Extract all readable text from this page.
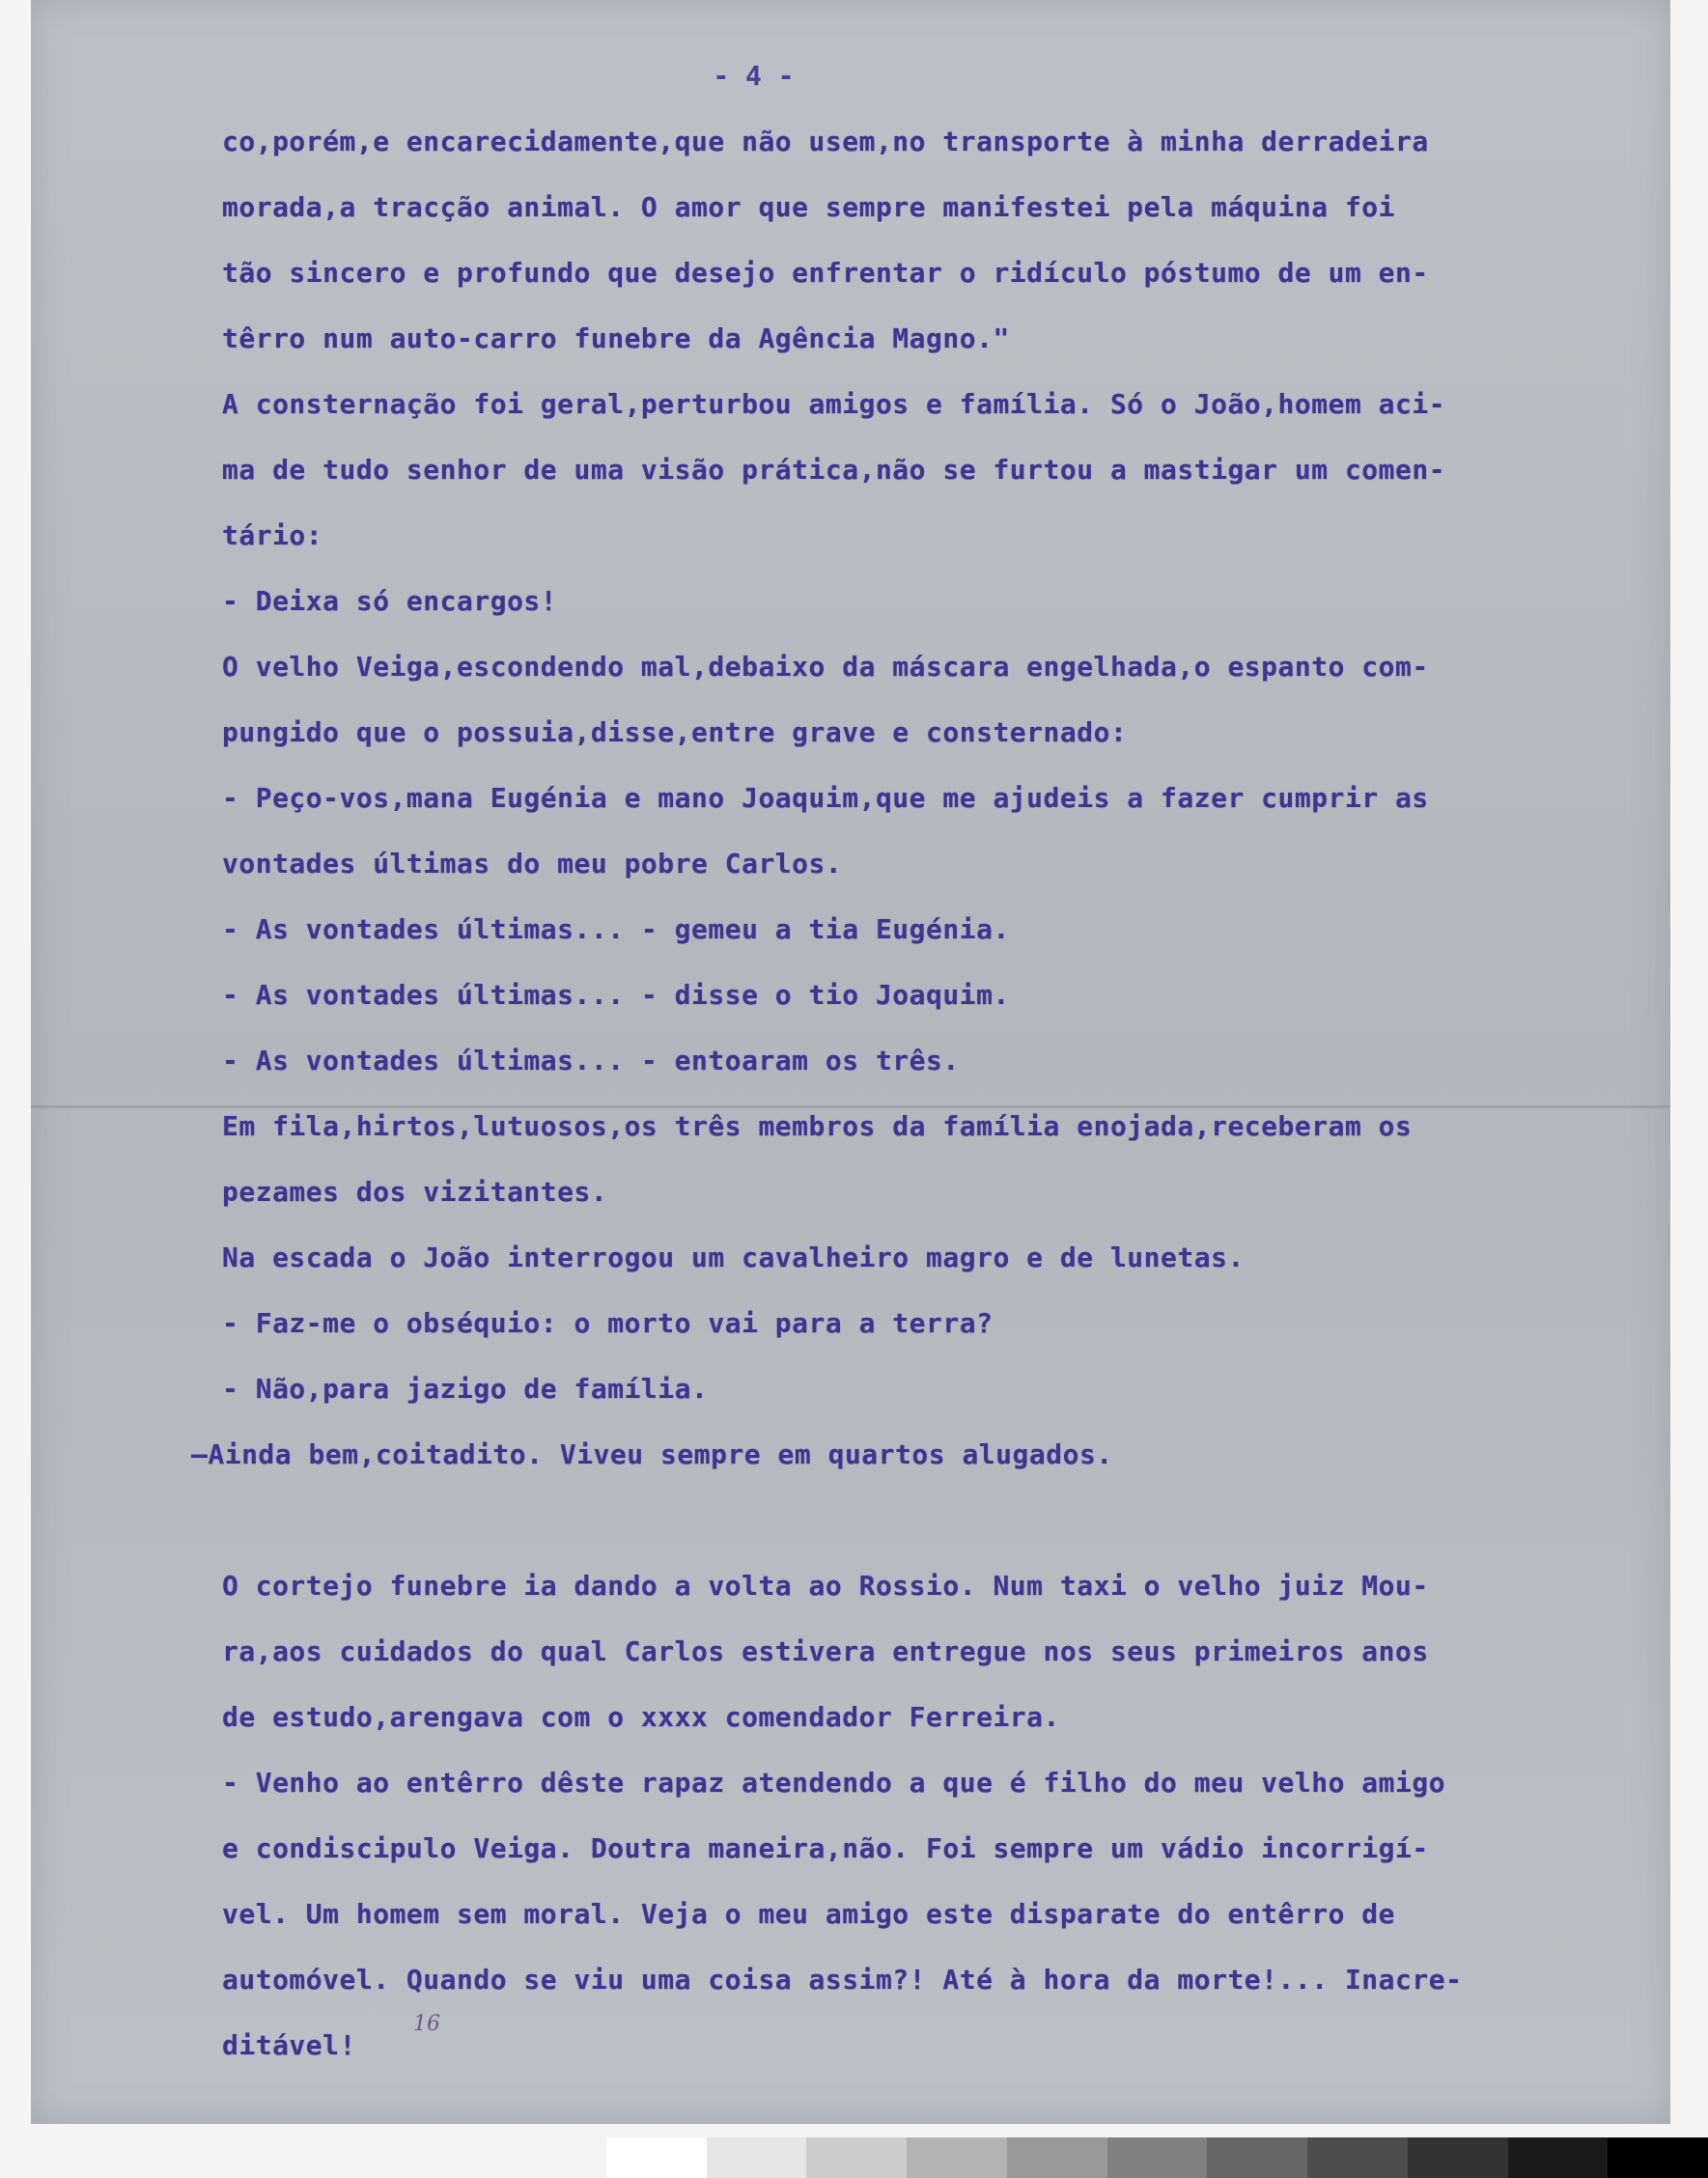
- 4 -
co,porém,e encarecidamente,que não usem,no transporte à minha derradeira
morada,a tracção animal. O amor que sempre manifestei pela máquina foi
tão sincero e profundo que desejo enfrentar o ridículo póstumo de um en-
têrro num auto-carro funebre da Agência Magno."
A consternação foi geral,perturbou amigos e família. Só o João,homem aci-
ma de tudo senhor de uma visão prática,não se furtou a mastigar um comen-
tário:
- Deixa só encargos!
O velho Veiga,escondendo mal,debaixo da máscara engelhada,o espanto com-
pungido que o possuia,disse,entre grave e consternado:
- Peço-vos,mana Eugénia e mano Joaquim,que me ajudeis a fazer cumprir as
vontades últimas do meu pobre Carlos.
- As vontades últimas... - gemeu a tia Eugénia.
- As vontades últimas... - disse o tio Joaquim.
- As vontades últimas... - entoaram os três.
Em fila,hirtos,lutuosos,os três membros da família enojada,receberam os
pezames dos vizitantes.
Na escada o João interrogou um cavalheiro magro e de lunetas.
- Faz-me o obséquio: o morto vai para a terra?
- Não,para jazigo de família.
—Ainda bem,coitadito. Viveu sempre em quartos alugados.
O cortejo funebre ia dando a volta ao Rossio. Num taxi o velho juiz Mou-
ra,aos cuidados do qual Carlos estivera entregue nos seus primeiros anos
de estudo,arengava com o xxxx comendador Ferreira.
- Venho ao entêrro dêste rapaz atendendo a que é filho do meu velho amigo
e condiscipulo Veiga. Doutra maneira,não. Foi sempre um vádio incorrigí-
vel. Um homem sem moral. Veja o meu amigo este disparate do entêrro de
automóvel. Quando se viu uma coisa assim?! Até à hora da morte!... Inacre-
ditável!
16
